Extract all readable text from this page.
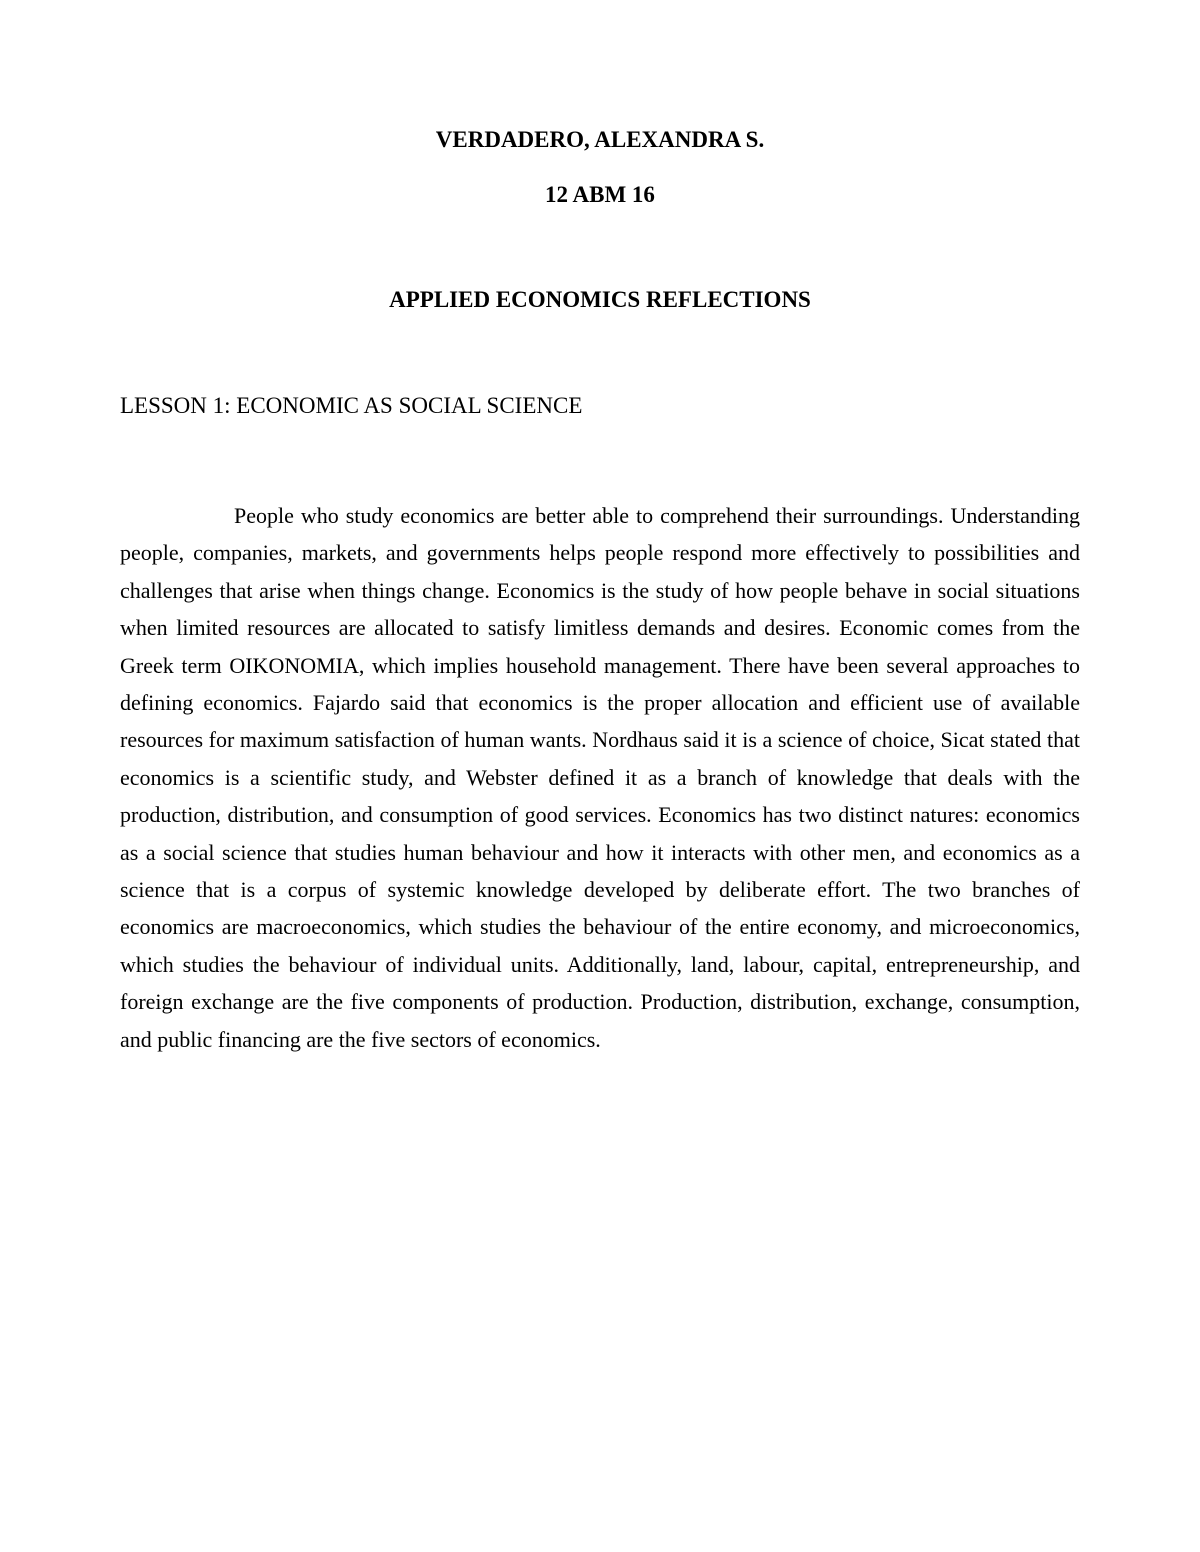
VERDADERO, ALEXANDRA S.

12 ABM 16

APPLIED ECONOMICS REFLECTIONS
LESSON 1: ECONOMIC AS SOCIAL SCIENCE

People who study economics are better able to comprehend their surroundings. Understanding people, companies, markets, and governments helps people respond more effectively to possibilities and challenges that arise when things change. Economics is the study of how people behave in social situations when limited resources are allocated to satisfy limitless demands and desires. Economic comes from the Greek term OIKONOMIA, which implies household management. There have been several approaches to defining economics. Fajardo said that economics is the proper allocation and efficient use of available resources for maximum satisfaction of human wants. Nordhaus said it is a science of choice, Sicat stated that economics is a scientific study, and Webster defined it as a branch of knowledge that deals with the production, distribution, and consumption of good services. Economics has two distinct natures: economics as a social science that studies human behaviour and how it interacts with other men, and economics as a science that is a corpus of systemic knowledge developed by deliberate effort. The two branches of economics are macroeconomics, which studies the behaviour of the entire economy, and microeconomics, which studies the behaviour of individual units. Additionally, land, labour, capital, entrepreneurship, and foreign exchange are the five components of production. Production, distribution, exchange, consumption, and public financing are the five sectors of economics.
